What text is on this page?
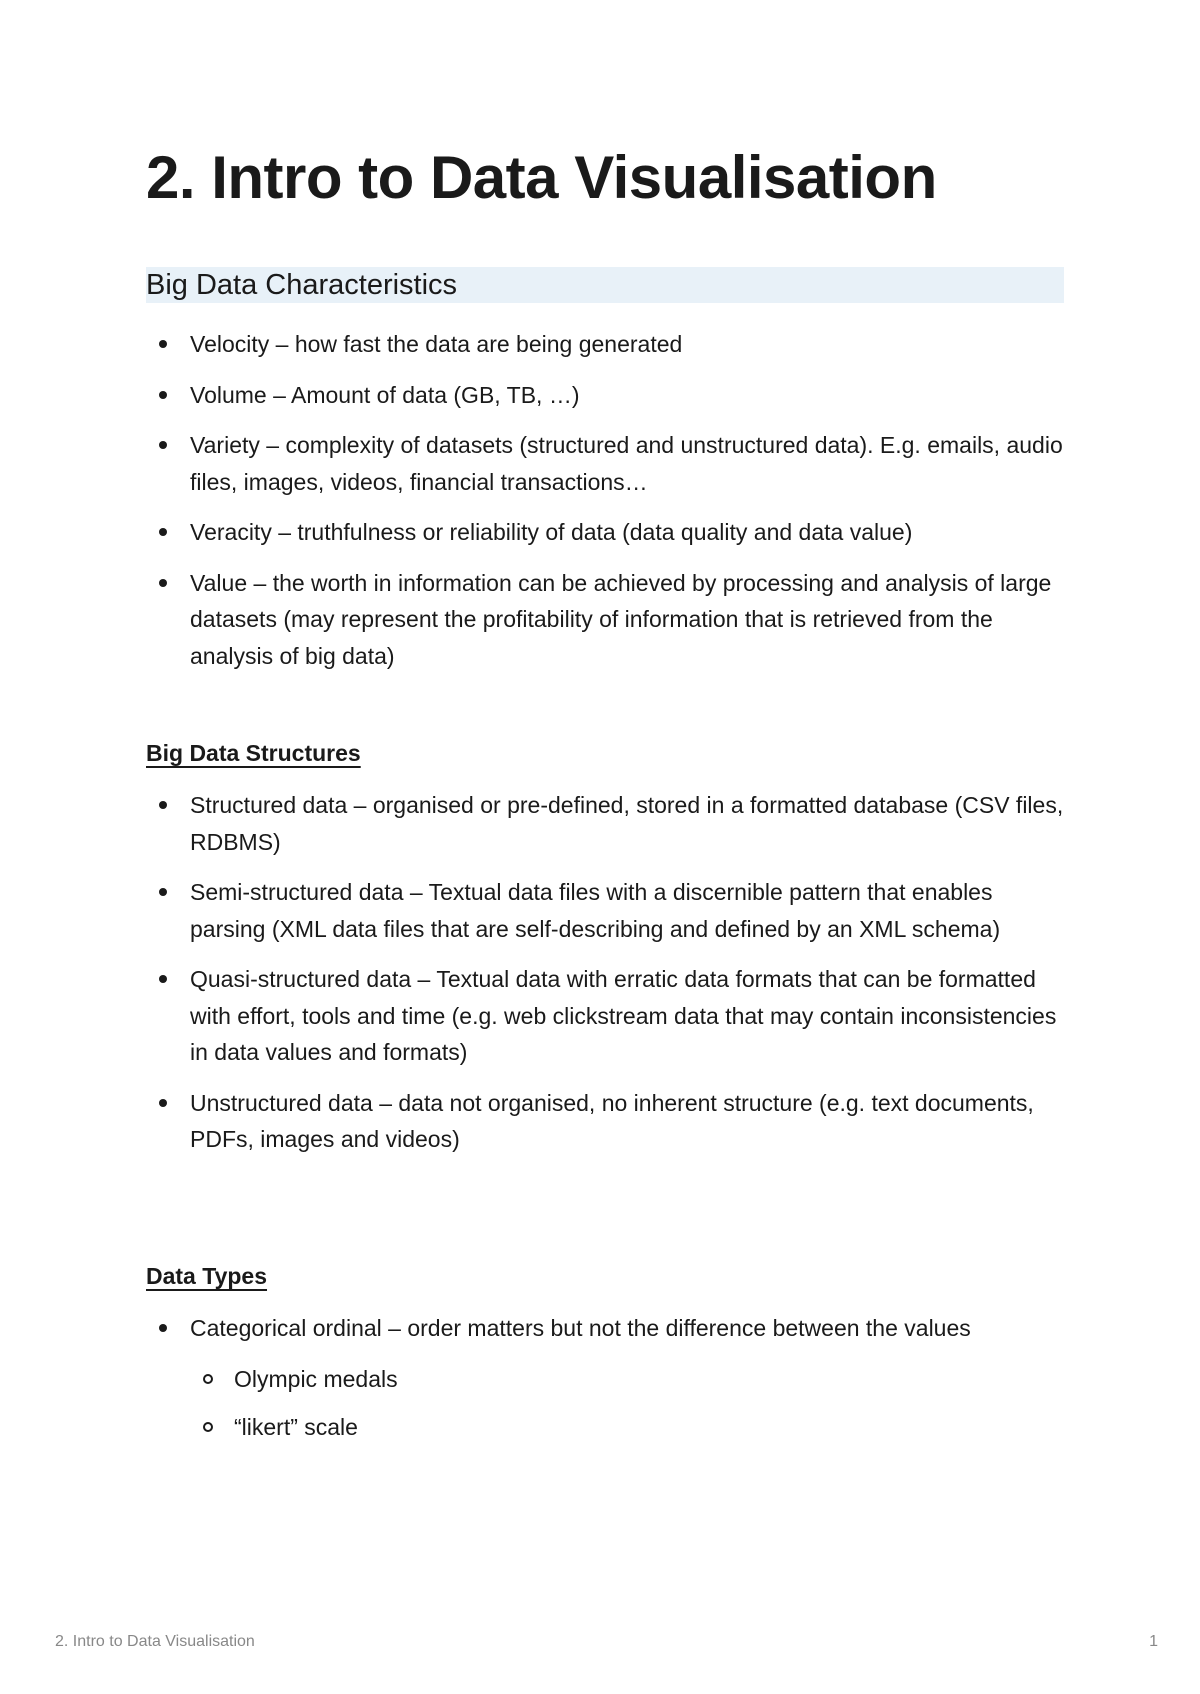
2. Intro to Data Visualisation
Big Data Characteristics
Velocity – how fast the data are being generated
Volume – Amount of data (GB, TB, …)
Variety – complexity of datasets (structured and unstructured data). E.g. emails, audio files, images, videos, financial transactions…
Veracity – truthfulness or reliability of data (data quality and data value)
Value – the worth in information can be achieved by processing and analysis of large datasets (may represent the profitability of information that is retrieved from the analysis of big data)
Big Data Structures
Structured data – organised or pre-defined, stored in a formatted database (CSV files, RDBMS)
Semi-structured data – Textual data files with a discernible pattern that enables parsing (XML data files that are self-describing and defined by an XML schema)
Quasi-structured data – Textual data with erratic data formats that can be formatted with effort, tools and time (e.g. web clickstream data that may contain inconsistencies in data values and formats)
Unstructured data – data not organised, no inherent structure (e.g. text documents, PDFs, images and videos)
Data Types
Categorical ordinal – order matters but not the difference between the values
Olympic medals
“likert” scale
2. Intro to Data Visualisation	1
